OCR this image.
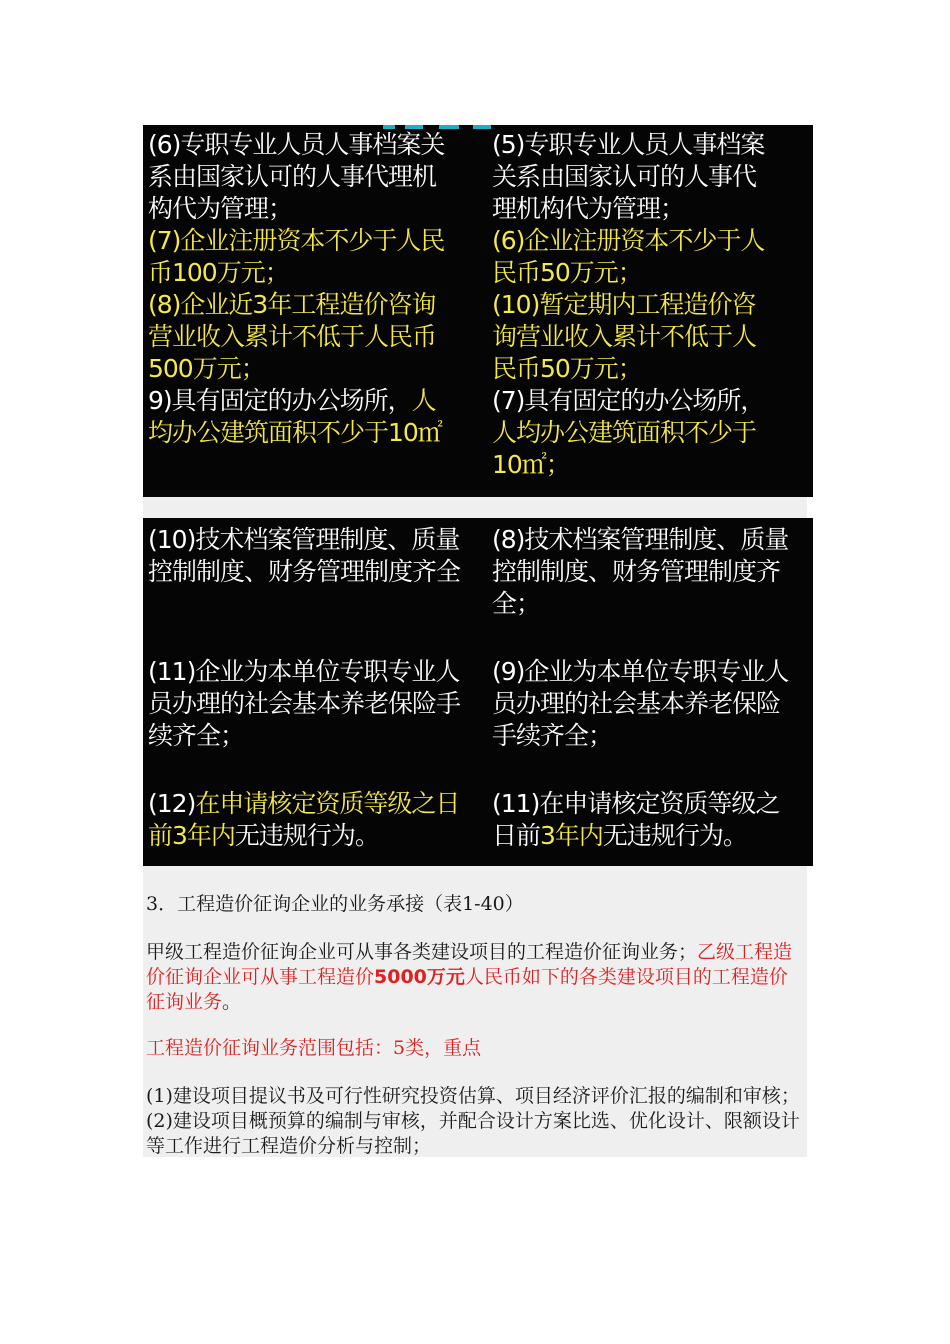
(6)专职专业人员人事档案关

系由国家认可的人事代理机

构代为管理；

(7)企业注册资本不少于人民

币100万元；

(8)企业近3年工程造价咨询

营业收入累计不低于人民币

500万元；

9)具有固定的办公场所，人

均办公建筑面积不少于10㎡

(5)专职专业人员人事档案

关系由国家认可的人事代

理机构代为管理；

(6)企业注册资本不少于人

民币50万元；

(10)暂定期内工程造价咨

询营业收入累计不低于人

民币50万元；

(7)具有固定的办公场所，

人均办公建筑面积不少于

10㎡；

(10)技术档案管理制度、质量

控制制度、财务管理制度齐全

(11)企业为本单位专职专业人

员办理的社会基本养老保险手

续齐全；

(12)在申请核定资质等级之日

前3年内无违规行为。

(8)技术档案管理制度、质量

控制制度、财务管理制度齐

全；

(9)企业为本单位专职专业人

员办理的社会基本养老保险

手续齐全；

(11)在申请核定资质等级之

日前3年内无违规行为。

3．工程造价征询企业的业务承接（表1-40）
甲级工程造价征询企业可从事各类建设项目的工程造价征询业务；乙级工程造价征询企业可从事工程造价5000万元人民币如下的各类建设项目的工程造价征询业务。
工程造价征询业务范围包括：5类，重点
(1)建设项目提议书及可行性研究投资估算、项目经济评价汇报的编制和审核；(2)建设项目概预算的编制与审核，并配合设计方案比选、优化设计、限额设计等工作进行工程造价分析与控制；
